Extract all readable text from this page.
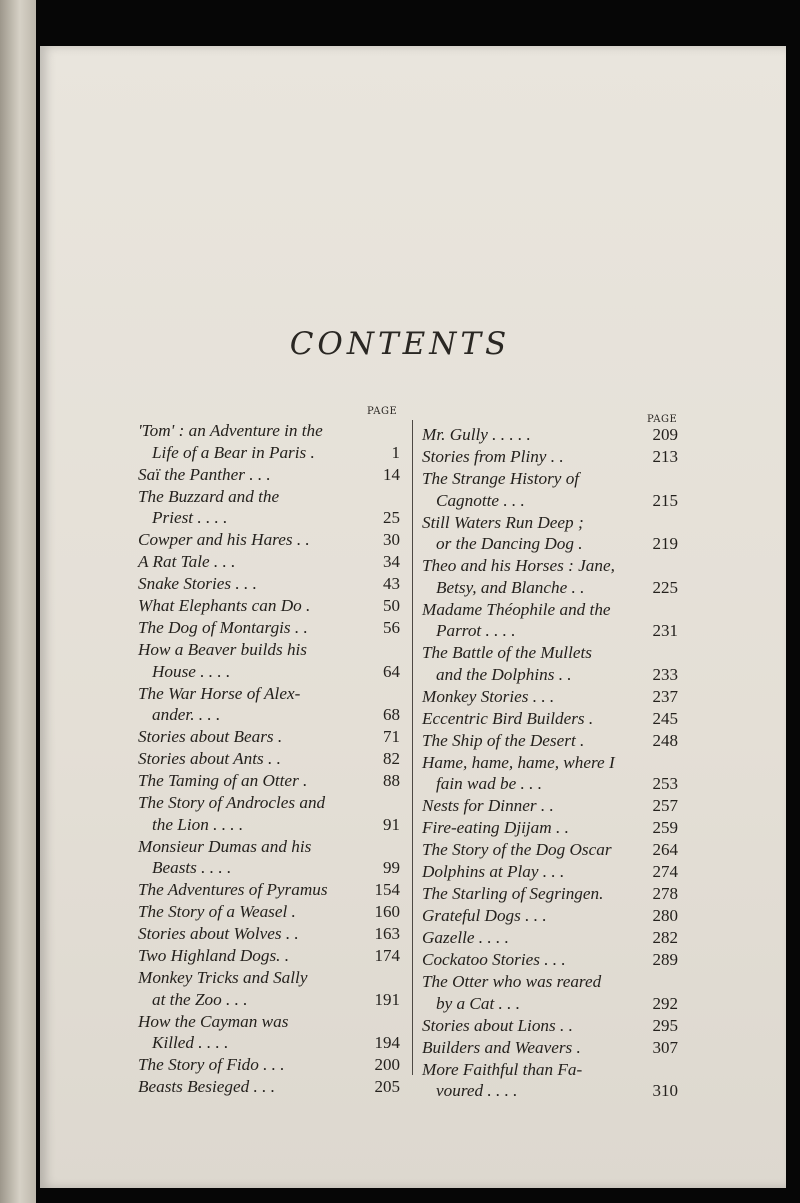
CONTENTS
PAGE
PAGE
'Tom' : an Adventure in the
Life of a Bear in Paris .	1
Saï the Panther . . .	14
The Buzzard and the
Priest . . . .	25
Cowper and his Hares . .	30
A Rat Tale . . .	34
Snake Stories . . .	43
What Elephants can Do .	50
The Dog of Montargis . .	56
How a Beaver builds his
House . . . .	64
The War Horse of Alex-
ander. . . .	68
Stories about Bears .	71
Stories about Ants . .	82
The Taming of an Otter .	88
The Story of Androcles and
the Lion . . . .	91
Monsieur Dumas and his
Beasts . . . .	99
The Adventures of Pyramus	154
The Story of a Weasel .	160
Stories about Wolves . .	163
Two Highland Dogs. .	174
Monkey Tricks and Sally
at the Zoo . . .	191
How the Cayman was
Killed . . . .	194
The Story of Fido . . .	200
Beasts Besieged . . .	205
Mr. Gully . . . . .	209
Stories from Pliny . .	213
The Strange History of
Cagnotte . . .	215
Still Waters Run Deep ;
or the Dancing Dog .	219
Theo and his Horses : Jane,
Betsy, and Blanche . .	225
Madame Théophile and the
Parrot . . . .	231
The Battle of the Mullets
and the Dolphins . .	233
Monkey Stories . . .	237
Eccentric Bird Builders .	245
The Ship of the Desert .	248
Hame, hame, hame, where I
fain wad be . . .	253
Nests for Dinner . .	257
Fire-eating Djijam . .	259
The Story of the Dog Oscar	264
Dolphins at Play . . .	274
The Starling of Segringen.	278
Grateful Dogs . . .	280
Gazelle . . . .	282
Cockatoo Stories . . .	289
The Otter who was reared
by a Cat . . .	292
Stories about Lions . .	295
Builders and Weavers .	307
More Faithful than Fa-
voured . . . .	310
